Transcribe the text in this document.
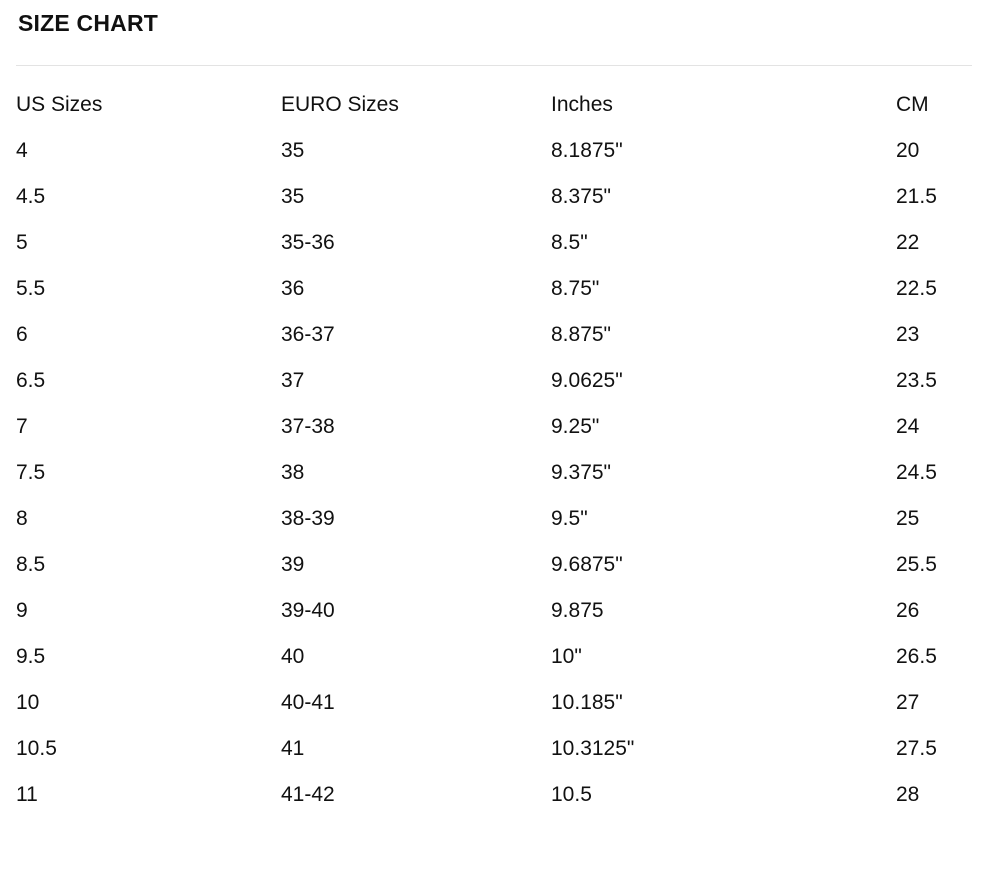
SIZE CHART
US Sizes	EURO Sizes	Inches	CM
4	35	8.1875"	20
4.5	35	8.375"	21.5
5	35-36	8.5"	22
5.5	36	8.75"	22.5
6	36-37	8.875"	23
6.5	37	9.0625"	23.5
7	37-38	9.25"	24
7.5	38	9.375"	24.5
8	38-39	9.5"	25
8.5	39	9.6875"	25.5
9	39-40	9.875	26
9.5	40	10"	26.5
10	40-41	10.185"	27
10.5	41	10.3125"	27.5
11	41-42	10.5	28
